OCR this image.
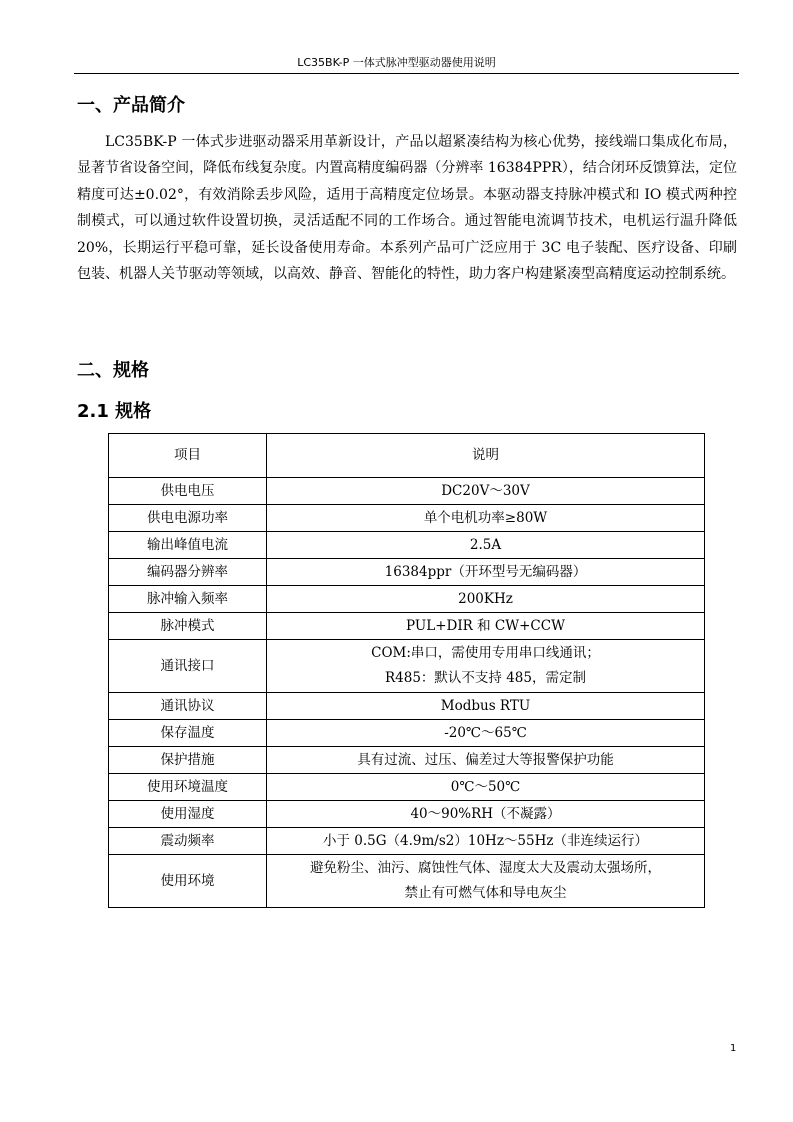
LC35BK-P 一体式脉冲型驱动器使用说明
一、产品简介

LC35BK-P 一体式步进驱动器采用革新设计，产品以超紧凑结构为核心优势，接线端口集成化布局，显著节省设备空间，降低布线复杂度。内置高精度编码器（分辨率 16384PPR），结合闭环反馈算法，定位精度可达±0.02°，有效消除丢步风险，适用于高精度定位场景。本驱动器支持脉冲模式和 IO 模式两种控制模式，可以通过软件设置切换，灵活适配不同的工作场合。通过智能电流调节技术，电机运行温升降低 20%，长期运行平稳可靠，延长设备使用寿命。本系列产品可广泛应用于 3C 电子装配、医疗设备、印刷包装、机器人关节驱动等领域，以高效、静音、智能化的特性，助力客户构建紧凑型高精度运动控制系统。

二、规格
2.1 规格
项目	说明
供电电压	DC20V～30V

供电电源功率	单个电机功率≥80W

输出峰值电流	2.5A

编码器分辨率	16384ppr（开环型号无编码器）

脉冲输入频率	200KHz

脉冲模式	PUL+DIR 和 CW+CCW

通讯接口	COM:串口，需使用专用串口线通讯；
R485：默认不支持 485，需定制

通讯协议	Modbus RTU

保存温度	-20℃～65℃

保护措施	具有过流、过压、偏差过大等报警保护功能

使用环境温度	0℃～50℃

使用湿度	40～90%RH（不凝露）

震动频率	小于 0.5G（4.9m/s2）10Hz～55Hz（非连续运行）

使用环境	避免粉尘、油污、腐蚀性气体、湿度太大及震动太强场所，
禁止有可燃气体和导电灰尘
1
